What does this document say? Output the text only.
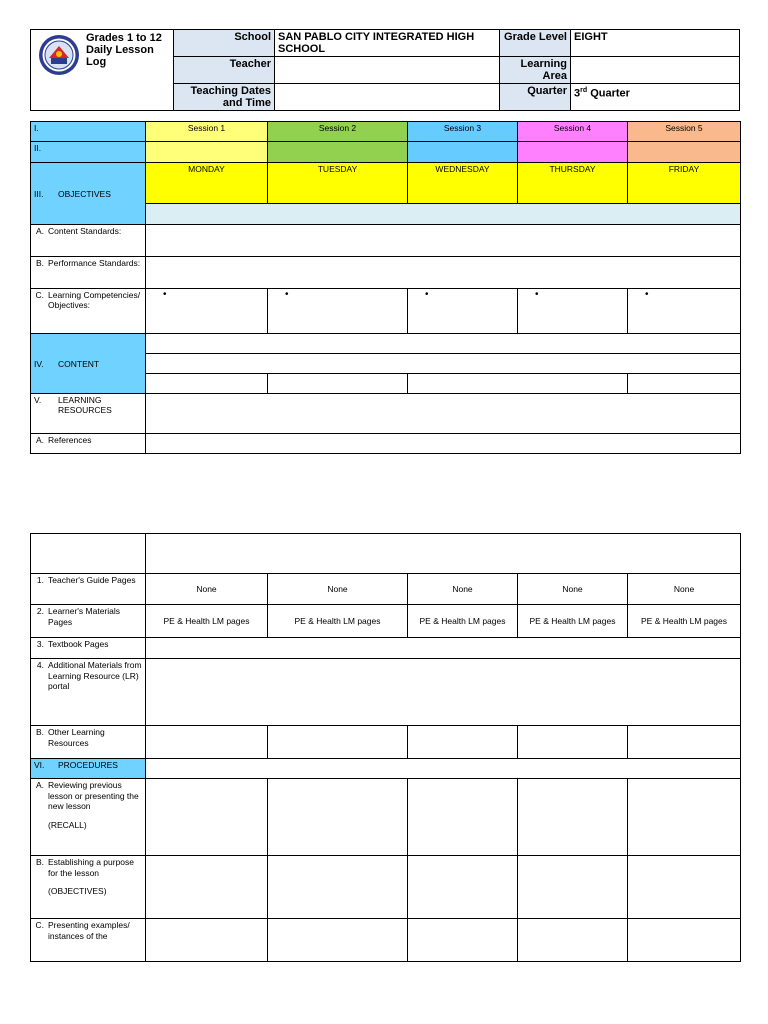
Grades 1 to 12 Daily Lesson Log	School	SAN PABLO CITY INTEGRATED HIGH SCHOOL	Grade Level	EIGHT
	Teacher		Learning Area	
	Teaching Dates and Time		Quarter	3rd Quarter
I.	Session 1	Session 2	Session 3	Session 4	Session 5
II.					

III. OBJECTIVES	MONDAY	TUESDAY	WEDNESDAY	THURSDAY	FRIDAY

A. Content Standards:					

B. Performance Standards:					

C. Learning Competencies/ Objectives:	•	•	•	•	•

IV. CONTENT					

V. LEARNING RESOURCES					

A. References					

1. Teacher's Guide Pages	None	None	None	None	None

2. Learner's Materials Pages	PE & Health LM pages	PE & Health LM pages	PE & Health LM pages	PE & Health LM pages	PE & Health LM pages

3. Textbook Pages					

4. Additional Materials from Learning Resource (LR) portal					

B. Other Learning Resources					

VI. PROCEDURES					

A. Reviewing previous lesson or presenting the new lesson

(RECALL)					

B. Establishing a purpose for the lesson

(OBJECTIVES)					

C. Presenting examples/ instances of the					
